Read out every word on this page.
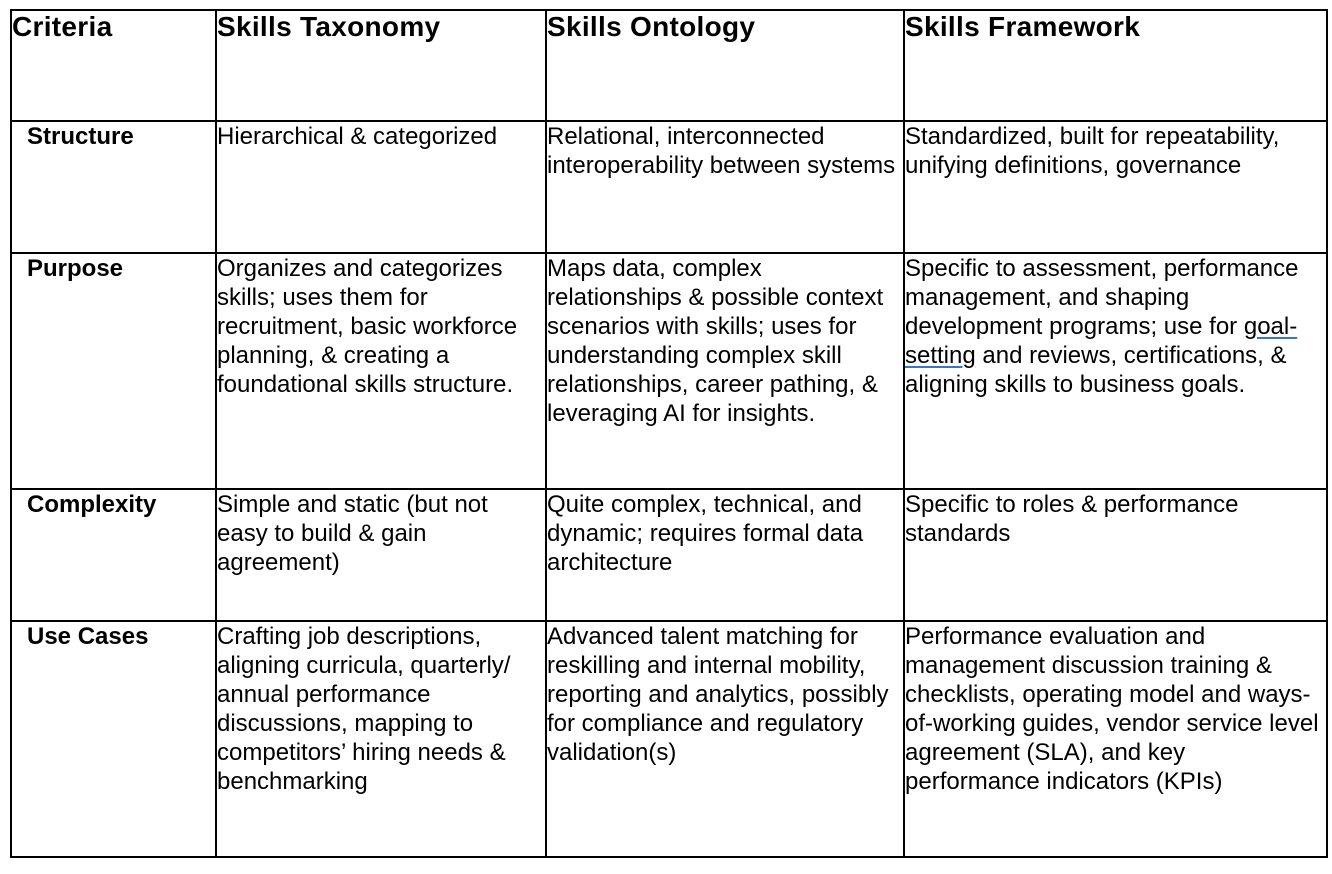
Criteria	Skills Taxonomy	Skills Ontology	Skills Framework
Structure	Hierarchical & categorized	Relational, interconnected interoperability between systems	Standardized, built for repeatability, unifying definitions, governance
Purpose	Organizes and categorizes skills; uses them for recruitment, basic workforce planning, & creating a foundational skills structure.	Maps data, complex relationships & possible context scenarios with skills; uses for understanding complex skill relationships, career pathing, & leveraging AI for insights.	Specific to assessment, performance management, and shaping development programs; use for goal-setting and reviews, certifications, & aligning skills to business goals.
Complexity	Simple and static (but not easy to build & gain agreement)	Quite complex, technical, and dynamic; requires formal data architecture	Specific to roles & performance standards
Use Cases	Crafting job descriptions, aligning curricula, quarterly/ annual performance discussions, mapping to competitors’ hiring needs & benchmarking	Advanced talent matching for reskilling and internal mobility, reporting and analytics, possibly for compliance and regulatory validation(s)	Performance evaluation and management discussion training & checklists, operating model and ways-of-working guides, vendor service level agreement (SLA), and key performance indicators (KPIs)
